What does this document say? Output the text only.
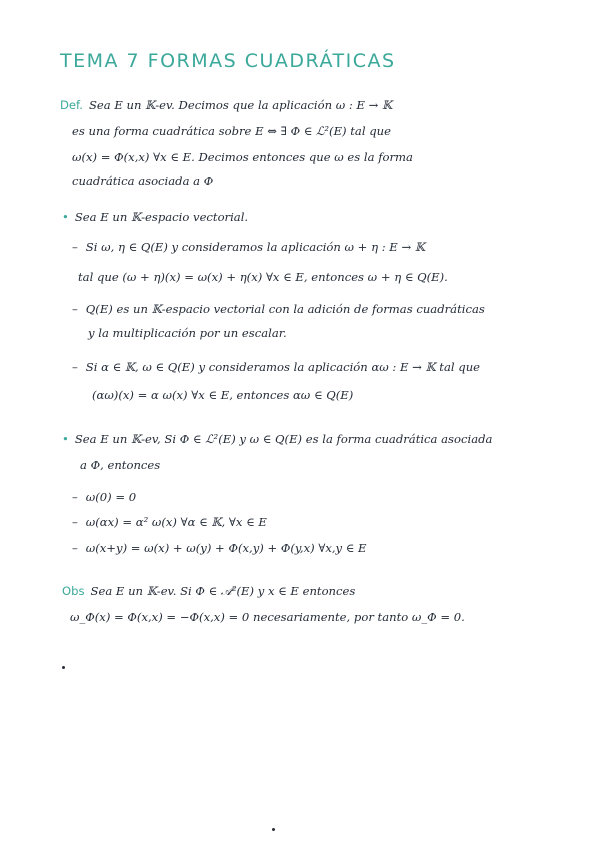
TEMA 7 FORMAS CUADRÁTICAS
Def. Sea E un 𝕂-ev. Decimos que la aplicación ω : E → 𝕂
es una forma cuadrática sobre E ⇔ ∃ Φ ∈ ℒ²(E) tal que
ω(x) = Φ(x,x) ∀x ∈ E. Decimos entonces que ω es la forma
cuadrática asociada a Φ
• Sea E un 𝕂-espacio vectorial.
– Si ω, η ∈ Q(E) y consideramos la aplicación ω + η : E → 𝕂
tal que (ω + η)(x) = ω(x) + η(x) ∀x ∈ E, entonces ω + η ∈ Q(E).
– Q(E) es un 𝕂-espacio vectorial con la adición de formas cuadráticas
y la multiplicación por un escalar.
– Si α ∈ 𝕂, ω ∈ Q(E) y consideramos la aplicación αω : E → 𝕂 tal que
(αω)(x) = α ω(x) ∀x ∈ E, entonces αω ∈ Q(E)
• Sea E un 𝕂-ev, Si Φ ∈ ℒ²(E) y ω ∈ Q(E) es la forma cuadrática asociada
a Φ, entonces
– ω(0) = 0
– ω(αx) = α² ω(x) ∀α ∈ 𝕂, ∀x ∈ E
– ω(x+y) = ω(x) + ω(y) + Φ(x,y) + Φ(y,x) ∀x,y ∈ E
Obs Sea E un 𝕂-ev. Si Φ ∈ 𝒜²(E) y x ∈ E entonces
ω_Φ(x) = Φ(x,x) = −Φ(x,x) = 0 necesariamente, por tanto ω_Φ = 0.
